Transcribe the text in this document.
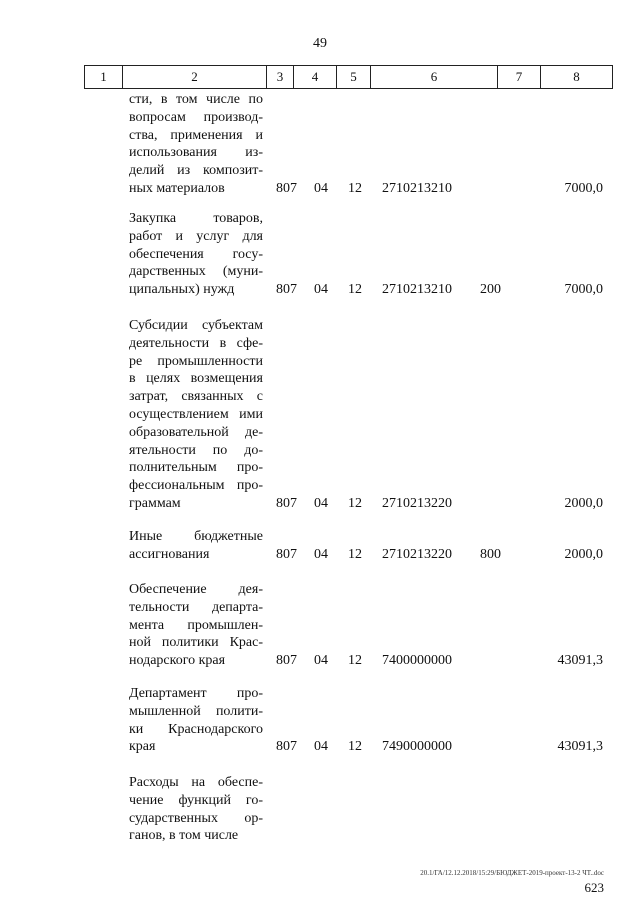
49
1	2	3	4	5	6	7	8
сти, в том числе по
вопросам производ-
ства, применения и
использования из-
делий из композит-
ных материалов	807 04 12 2710213210	7000,0
Закупка товаров,
работ и услуг для
обеспечения госу-
дарственных (муни-
ципальных) нужд	807 04 12 2710213210 200	7000,0
Субсидии субъектам
деятельности в сфе-
ре промышленности
в целях возмещения
затрат, связанных с
осуществлением ими
образовательной де-
ятельности по до-
полнительным про-
фессиональным про-
граммам	807 04 12 2710213220	2000,0
Иные бюджетные
ассигнования	807 04 12 2710213220 800	2000,0
Обеспечение дея-
тельности департа-
мента промышлен-
ной политики Крас-
нодарского края	807 04 12 7400000000	43091,3
Департамент про-
мышленной полити-
ки Краснодарского
края	807 04 12 7490000000	43091,3
Расходы на обеспе-
чение функций го-
сударственных ор-
ганов, в том числе
20.1/ГА/12.12.2018/15:29/БЮДЖЕТ-2019-проект-13-2 ЧТ..doc
623
